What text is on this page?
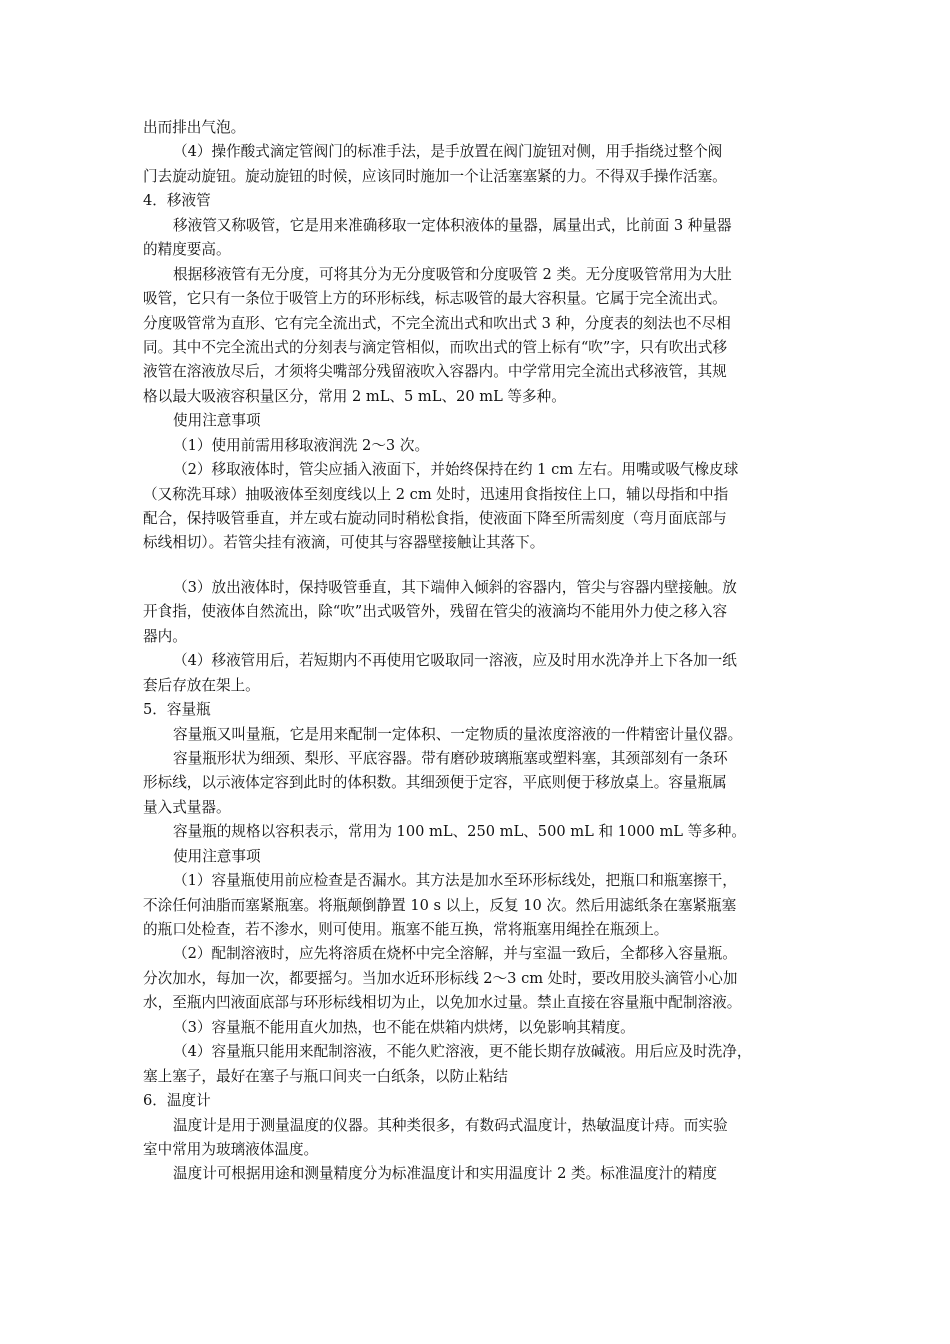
出而排出气泡。
（4）操作酸式滴定管阀门的标准手法，是手放置在阀门旋钮对侧，用手指绕过整个阀
门去旋动旋钮。旋动旋钮的时候，应该同时施加一个让活塞塞紧的力。不得双手操作活塞。
4．移液管
移液管又称吸管，它是用来准确移取一定体积液体的量器，属量出式，比前面 3 种量器
的精度要高。
根据移液管有无分度，可将其分为无分度吸管和分度吸管 2 类。无分度吸管常用为大肚
吸管，它只有一条位于吸管上方的环形标线，标志吸管的最大容积量。它属于完全流出式。
分度吸管常为直形、它有完全流出式，不完全流出式和吹出式 3 种，分度表的刻法也不尽相
同。其中不完全流出式的分刻表与滴定管相似，而吹出式的管上标有“吹”字，只有吹出式移
液管在溶液放尽后，才须将尖嘴部分残留液吹入容器内。中学常用完全流出式移液管，其规
格以最大吸液容积量区分，常用 2 mL、5 mL、20 mL 等多种。
使用注意事项
（1）使用前需用移取液润洗 2～3 次。
（2）移取液体时，管尖应插入液面下，并始终保持在约 1 cm 左右。用嘴或吸气橡皮球
（又称洗耳球）抽吸液体至刻度线以上 2 cm 处时，迅速用食指按住上口，辅以母指和中指
配合，保持吸管垂直，并左或右旋动同时稍松食指，使液面下降至所需刻度（弯月面底部与
标线相切）。若管尖挂有液滴，可使其与容器壁接触让其落下。
（3）放出液体时，保持吸管垂直，其下端伸入倾斜的容器内，管尖与容器内壁接触。放
开食指，使液体自然流出，除“吹”出式吸管外，残留在管尖的液滴均不能用外力使之移入容
器内。
（4）移液管用后，若短期内不再使用它吸取同一溶液，应及时用水洗净并上下各加一纸
套后存放在架上。
5．容量瓶
容量瓶又叫量瓶，它是用来配制一定体积、一定物质的量浓度溶液的一件精密计量仪器。
容量瓶形状为细颈、梨形、平底容器。带有磨砂玻璃瓶塞或塑料塞，其颈部刻有一条环
形标线，以示液体定容到此时的体积数。其细颈便于定容，平底则便于移放桌上。容量瓶属
量入式量器。
容量瓶的规格以容积表示，常用为 100 mL、250 mL、500 mL 和 1000 mL 等多种。
使用注意事项
（1）容量瓶使用前应检查是否漏水。其方法是加水至环形标线处，把瓶口和瓶塞擦干，
不涂任何油脂而塞紧瓶塞。将瓶颠倒静置 10 s 以上，反复 10 次。然后用滤纸条在塞紧瓶塞
的瓶口处检查，若不渗水，则可使用。瓶塞不能互换，常将瓶塞用绳拴在瓶颈上。
（2）配制溶液时，应先将溶质在烧杯中完全溶解，并与室温一致后，全都移入容量瓶。
分次加水，每加一次，都要摇匀。当加水近环形标线 2～3 cm 处时，要改用胶头滴管小心加
水，至瓶内凹液面底部与环形标线相切为止，以免加水过量。禁止直接在容量瓶中配制溶液。
（3）容量瓶不能用直火加热，也不能在烘箱内烘烤，以免影响其精度。
（4）容量瓶只能用来配制溶液，不能久贮溶液，更不能长期存放碱液。用后应及时洗净，
塞上塞子，最好在塞子与瓶口间夹一白纸条，以防止粘结
6．温度计
温度计是用于测量温度的仪器。其种类很多，有数码式温度计，热敏温度计痔。而实验
室中常用为玻璃液体温度。
温度计可根据用途和测量精度分为标准温度计和实用温度计 2 类。标准温度汁的精度
